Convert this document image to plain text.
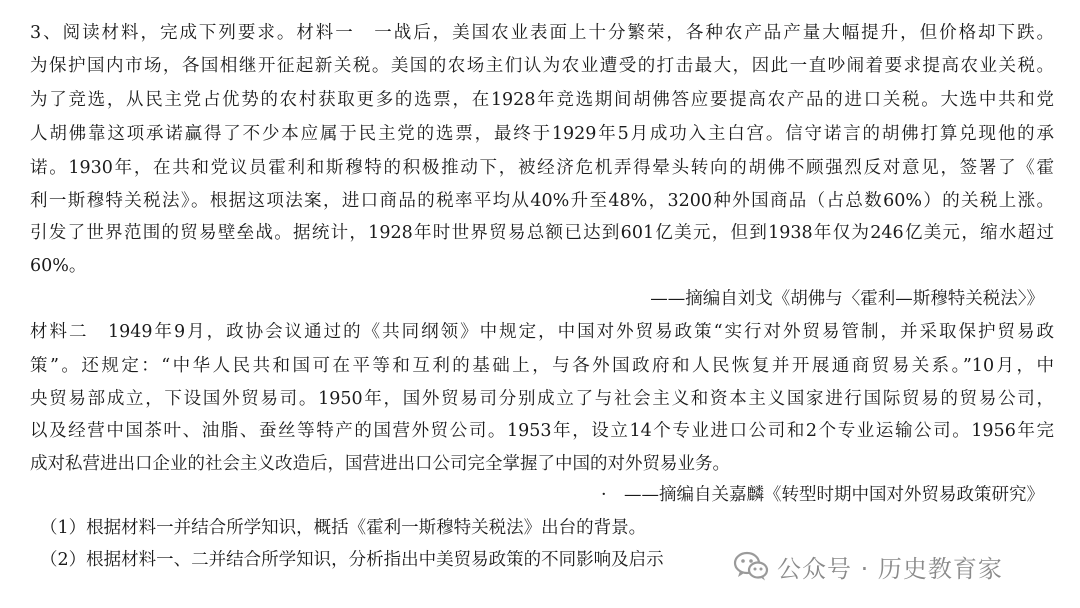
3、阅读材料，完成下列要求。材料一　一战后，美国农业表面上十分繁荣，各种农产品产量大幅提升，但价格却下跌。
为保护国内市场，各国相继开征起新关税。美国的农场主们认为农业遭受的打击最大，因此一直吵闹着要求提高农业关税。
为了竞选，从民主党占优势的农村获取更多的选票，在1928年竞选期间胡佛答应要提高农产品的进口关税。大选中共和党
人胡佛靠这项承诺赢得了不少本应属于民主党的选票，最终于1929年5月成功入主白宫。信守诺言的胡佛打算兑现他的承
诺。1930年，在共和党议员霍利和斯穆特的积极推动下，被经济危机弄得晕头转向的胡佛不顾强烈反对意见，签署了《霍
利一斯穆特关税法》。根据这项法案，进口商品的税率平均从40%升至48%，3200种外国商品（占总数60%）的关税上涨。
引发了世界范围的贸易壁垒战。据统计，1928年时世界贸易总额已达到601亿美元，但到1938年仅为246亿美元，缩水超过
60%。
——摘编自刘戈《胡佛与〈霍利—斯穆特关税法〉》
材料二　1949年9月，政协会议通过的《共同纲领》中规定，中国对外贸易政策“实行对外贸易管制，并采取保护贸易政
策”。还规定：“中华人民共和国可在平等和互利的基础上，与各外国政府和人民恢复并开展通商贸易关系。”10月，中
央贸易部成立，下设国外贸易司。1950年，国外贸易司分别成立了与社会主义和资本主义国家进行国际贸易的贸易公司，
以及经营中国茶叶、油脂、蚕丝等特产的国营外贸公司。1953年，设立14个专业进口公司和2个专业运输公司。1956年完
成对私营进出口企业的社会主义改造后，国营进出口公司完全掌握了中国的对外贸易业务。
·　——摘编自关嘉麟《转型时期中国对外贸易政策研究》
（1）根据材料一并结合所学知识，概括《霍利一斯穆特关税法》出台的背景。
（2）根据材料一、二并结合所学知识，分析指出中美贸易政策的不同影响及启示	公众号 · 历史教育家
